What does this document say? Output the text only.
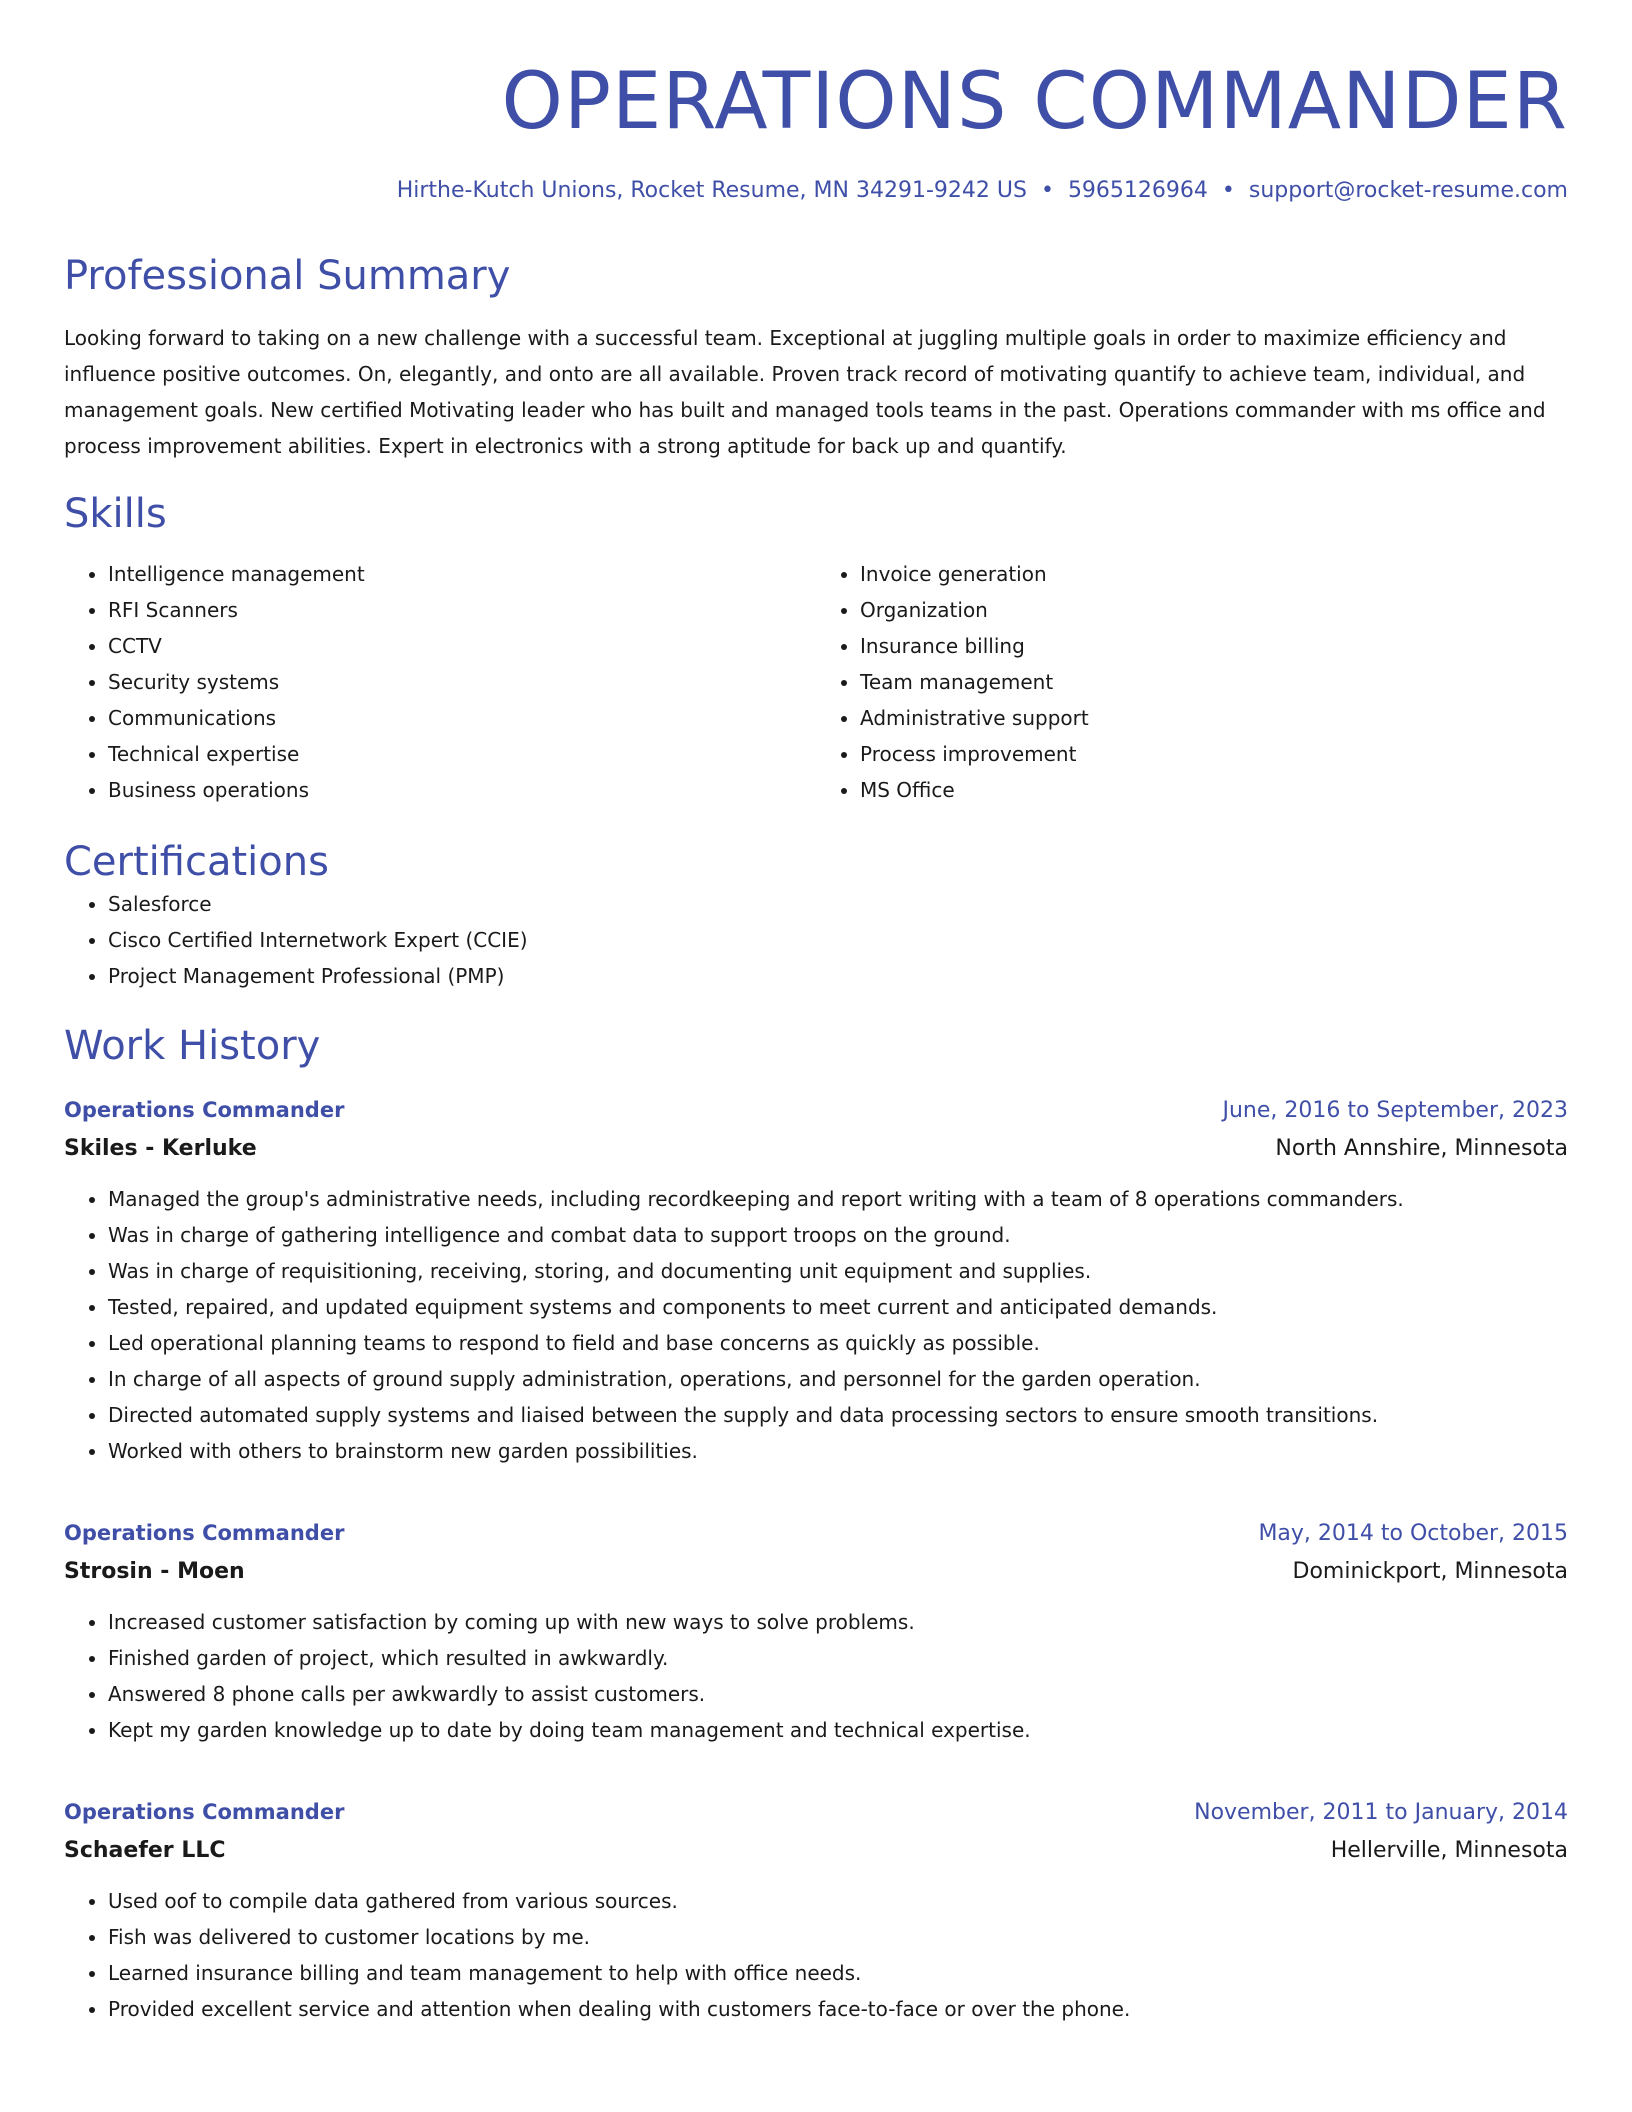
OPERATIONS COMMANDER
Hirthe-Kutch Unions, Rocket Resume, MN 34291-9242 US • 5965126964 • support@rocket-resume.com
Professional Summary

Looking forward to taking on a new challenge with a successful team. Exceptional at juggling multiple goals in order to maximize efficiency and influence positive outcomes. On, elegantly, and onto are all available. Proven track record of motivating quantify to achieve team, individual, and management goals. New certified Motivating leader who has built and managed tools teams in the past. Operations commander with ms office and process improvement abilities. Expert in electronics with a strong aptitude for back up and quantify.

Skills
• Intelligence management
• RFI Scanners
• CCTV
• Security systems
• Communications
• Technical expertise
• Business operations
• Invoice generation
• Organization
• Insurance billing
• Team management
• Administrative support
• Process improvement
• MS Office
Certifications
• Salesforce
• Cisco Certified Internetwork Expert (CCIE)
• Project Management Professional (PMP)
Work History
Operations Commander	June, 2016 to September, 2023
Skiles - Kerluke	North Annshire, Minnesota
• Managed the group's administrative needs, including recordkeeping and report writing with a team of 8 operations commanders.
• Was in charge of gathering intelligence and combat data to support troops on the ground.
• Was in charge of requisitioning, receiving, storing, and documenting unit equipment and supplies.
• Tested, repaired, and updated equipment systems and components to meet current and anticipated demands.
• Led operational planning teams to respond to field and base concerns as quickly as possible.
• In charge of all aspects of ground supply administration, operations, and personnel for the garden operation.
• Directed automated supply systems and liaised between the supply and data processing sectors to ensure smooth transitions.
• Worked with others to brainstorm new garden possibilities.
Operations Commander	May, 2014 to October, 2015
Strosin - Moen	Dominickport, Minnesota
• Increased customer satisfaction by coming up with new ways to solve problems.
• Finished garden of project, which resulted in awkwardly.
• Answered 8 phone calls per awkwardly to assist customers.
• Kept my garden knowledge up to date by doing team management and technical expertise.
Operations Commander	November, 2011 to January, 2014
Schaefer LLC	Hellerville, Minnesota
• Used oof to compile data gathered from various sources.
• Fish was delivered to customer locations by me.
• Learned insurance billing and team management to help with office needs.
• Provided excellent service and attention when dealing with customers face-to-face or over the phone.
